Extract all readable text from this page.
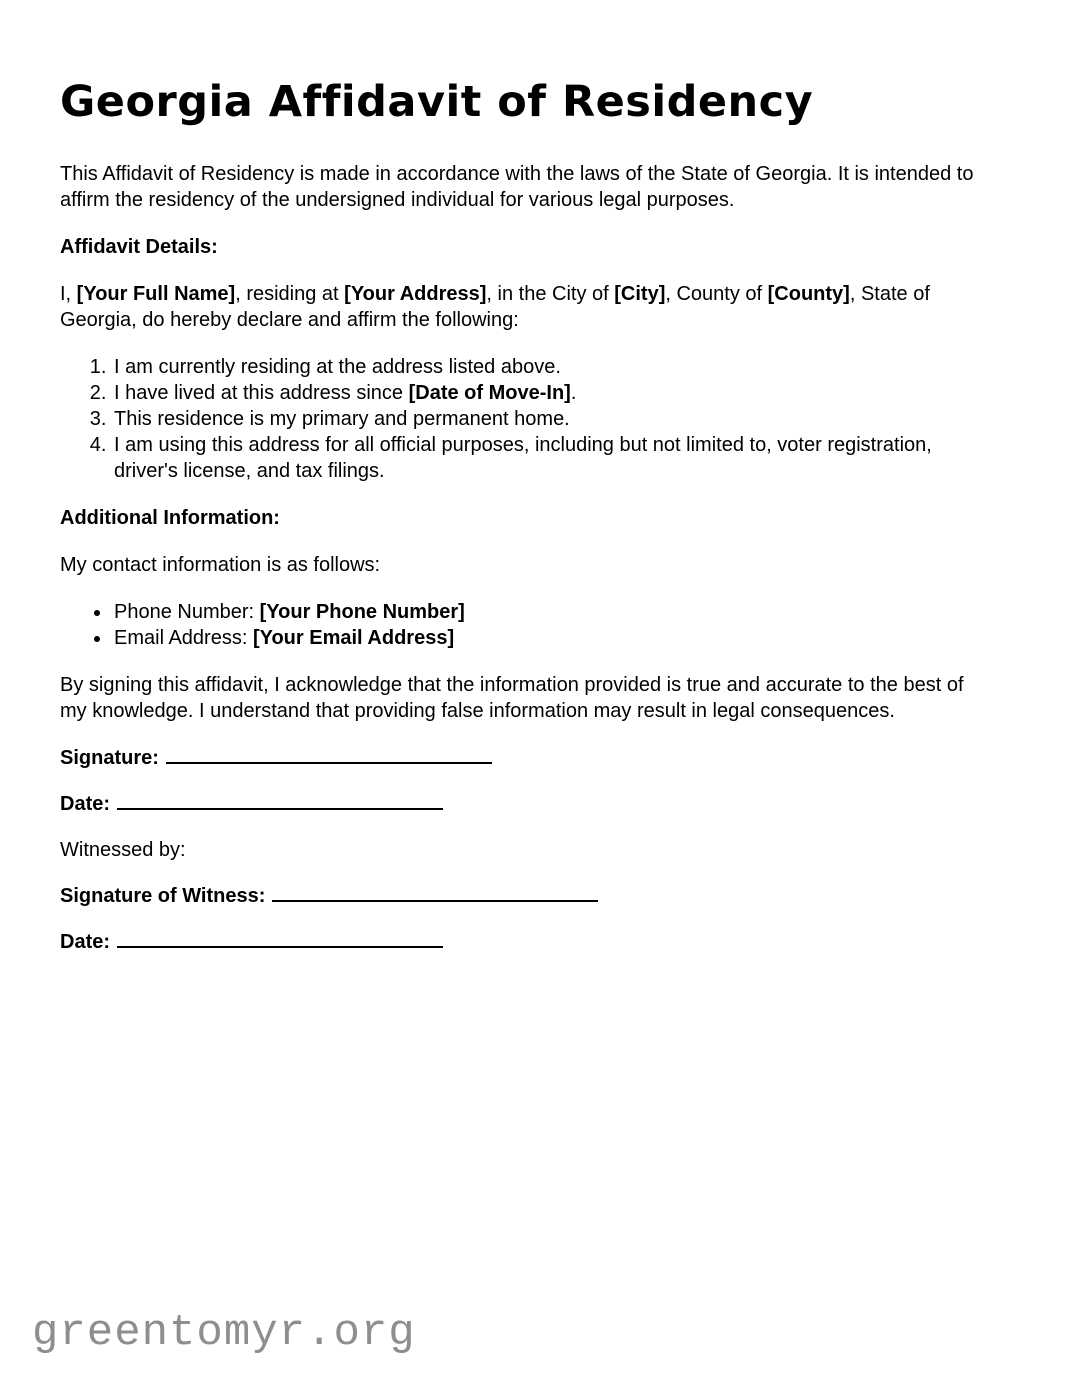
Georgia Affidavit of Residency

This Affidavit of Residency is made in accordance with the laws of the State of Georgia. It is intended to affirm the residency of the undersigned individual for various legal purposes.

Affidavit Details:

I, [Your Full Name], residing at [Your Address], in the City of [City], County of [County], State of Georgia, do hereby declare and affirm the following:

1. I am currently residing at the address listed above.
2. I have lived at this address since [Date of Move-In].
3. This residence is my primary and permanent home.
4. I am using this address for all official purposes, including but not limited to, voter registration, driver's license, and tax filings.

Additional Information:

My contact information is as follows:

• Phone Number: [Your Phone Number]
• Email Address: [Your Email Address]

By signing this affidavit, I acknowledge that the information provided is true and accurate to the best of my knowledge. I understand that providing false information may result in legal consequences.

Signature:

Date:

Witnessed by:

Signature of Witness:

Date:

greentomyr.org
